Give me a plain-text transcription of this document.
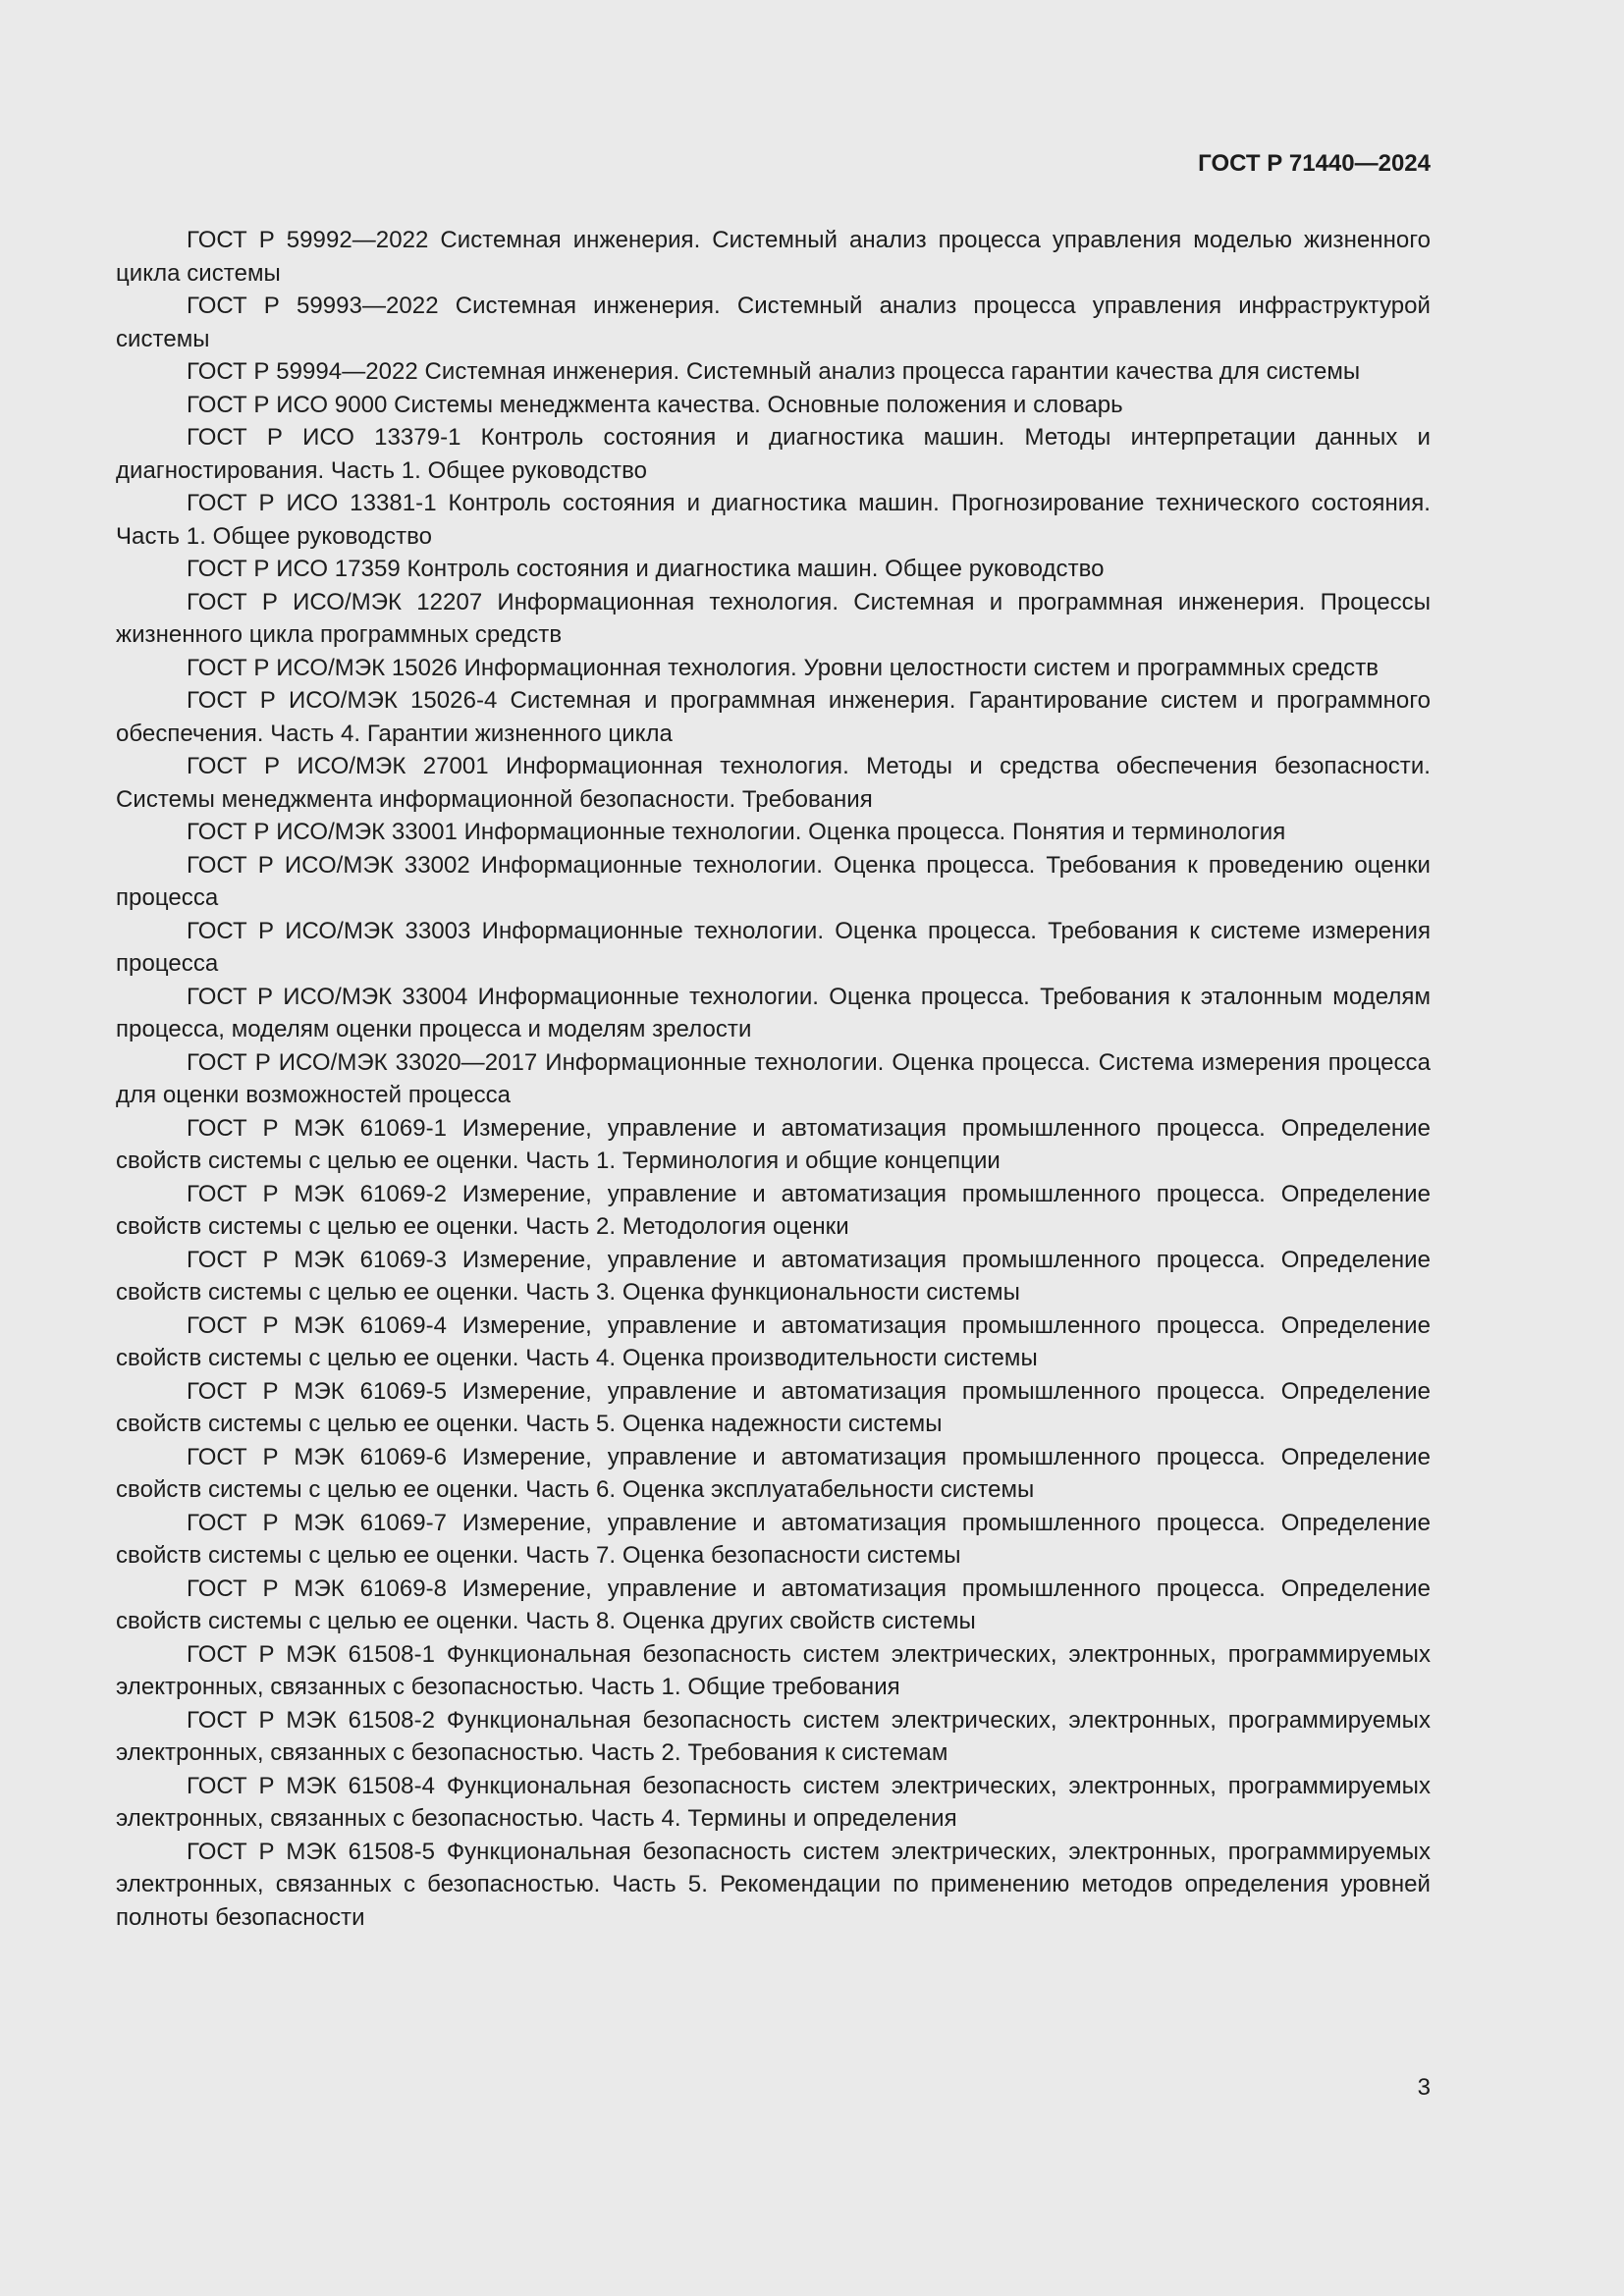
ГОСТ Р 71440—2024

ГОСТ Р 59992—2022 Системная инженерия. Системный анализ процесса управления моделью жизненного цикла системы

ГОСТ Р 59993—2022 Системная инженерия. Системный анализ процесса управления инфраструктурой системы

ГОСТ Р 59994—2022 Системная инженерия. Системный анализ процесса гарантии качества для системы

ГОСТ Р ИСО 9000 Системы менеджмента качества. Основные положения и словарь

ГОСТ Р ИСО 13379-1 Контроль состояния и диагностика машин. Методы интерпретации данных и диагностирования. Часть 1. Общее руководство

ГОСТ Р ИСО 13381-1 Контроль состояния и диагностика машин. Прогнозирование технического состояния. Часть 1. Общее руководство

ГОСТ Р ИСО 17359 Контроль состояния и диагностика машин. Общее руководство

ГОСТ Р ИСО/МЭК 12207 Информационная технология. Системная и программная инженерия. Процессы жизненного цикла программных средств

ГОСТ Р ИСО/МЭК 15026 Информационная технология. Уровни целостности систем и программных средств

ГОСТ Р ИСО/МЭК 15026-4 Системная и программная инженерия. Гарантирование систем и программного обеспечения. Часть 4. Гарантии жизненного цикла

ГОСТ Р ИСО/МЭК 27001 Информационная технология. Методы и средства обеспечения безопасности. Системы менеджмента информационной безопасности. Требования

ГОСТ Р ИСО/МЭК 33001 Информационные технологии. Оценка процесса. Понятия и терминология

ГОСТ Р ИСО/МЭК 33002 Информационные технологии. Оценка процесса. Требования к проведению оценки процесса

ГОСТ Р ИСО/МЭК 33003 Информационные технологии. Оценка процесса. Требования к системе измерения процесса

ГОСТ Р ИСО/МЭК 33004 Информационные технологии. Оценка процесса. Требования к эталонным моделям процесса, моделям оценки процесса и моделям зрелости

ГОСТ Р ИСО/МЭК 33020—2017 Информационные технологии. Оценка процесса. Система измерения процесса для оценки возможностей процесса

ГОСТ Р МЭК 61069-1 Измерение, управление и автоматизация промышленного процесса. Определение свойств системы с целью ее оценки. Часть 1. Терминология и общие концепции

ГОСТ Р МЭК 61069-2 Измерение, управление и автоматизация промышленного процесса. Определение свойств системы с целью ее оценки. Часть 2. Методология оценки

ГОСТ Р МЭК 61069-3 Измерение, управление и автоматизация промышленного процесса. Определение свойств системы с целью ее оценки. Часть 3. Оценка функциональности системы

ГОСТ Р МЭК 61069-4 Измерение, управление и автоматизация промышленного процесса. Определение свойств системы с целью ее оценки. Часть 4. Оценка производительности системы

ГОСТ Р МЭК 61069-5 Измерение, управление и автоматизация промышленного процесса. Определение свойств системы с целью ее оценки. Часть 5. Оценка надежности системы

ГОСТ Р МЭК 61069-6 Измерение, управление и автоматизация промышленного процесса. Определение свойств системы с целью ее оценки. Часть 6. Оценка эксплуатабельности системы

ГОСТ Р МЭК 61069-7 Измерение, управление и автоматизация промышленного процесса. Определение свойств системы с целью ее оценки. Часть 7. Оценка безопасности системы

ГОСТ Р МЭК 61069-8 Измерение, управление и автоматизация промышленного процесса. Определение свойств системы с целью ее оценки. Часть 8. Оценка других свойств системы

ГОСТ Р МЭК 61508-1 Функциональная безопасность систем электрических, электронных, программируемых электронных, связанных с безопасностью. Часть 1. Общие требования

ГОСТ Р МЭК 61508-2 Функциональная безопасность систем электрических, электронных, программируемых электронных, связанных с безопасностью. Часть 2. Требования к системам

ГОСТ Р МЭК 61508-4 Функциональная безопасность систем электрических, электронных, программируемых электронных, связанных с безопасностью. Часть 4. Термины и определения

ГОСТ Р МЭК 61508-5 Функциональная безопасность систем электрических, электронных, программируемых электронных, связанных с безопасностью. Часть 5. Рекомендации по применению методов определения уровней полноты безопасности

3
